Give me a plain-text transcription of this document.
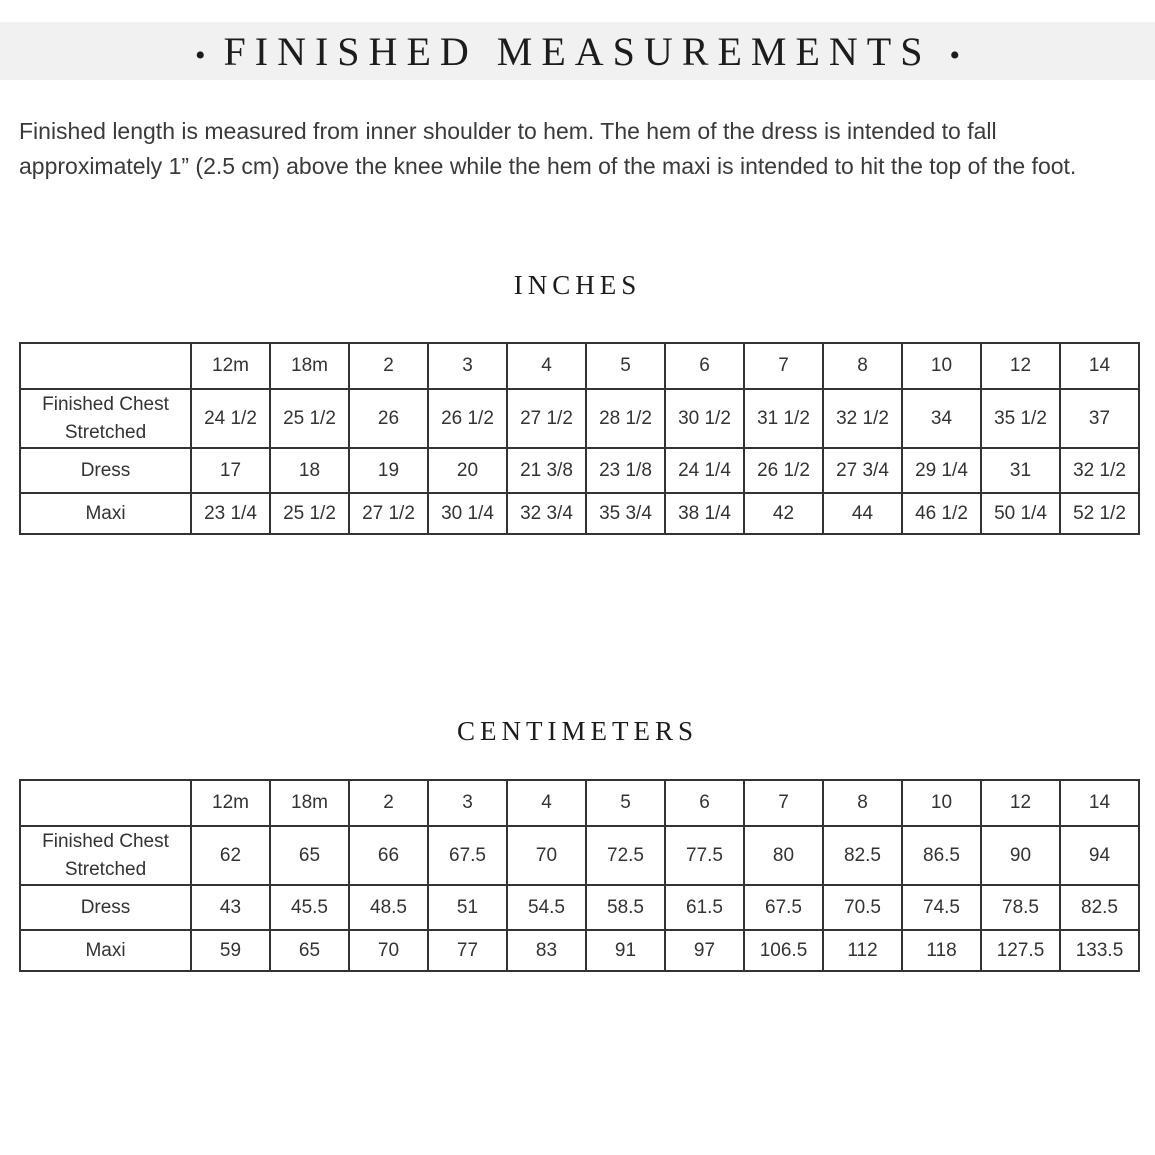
• FINISHED MEASUREMENTS •

Finished length is measured from inner shoulder to hem. The hem of the dress is intended to fall approximately 1” (2.5 cm) above the knee while the hem of the maxi is intended to hit the top of the foot.

INCHES
	12m	18m	2	3	4	5	6	7	8	10	12	14
Finished Chest
Stretched	24 1/2	25 1/2	26	26 1/2	27 1/2	28 1/2	30 1/2	31 1/2	32 1/2	34	35 1/2	37
Dress	17	18	19	20	21 3/8	23 1/8	24 1/4	26 1/2	27 3/4	29 1/4	31	32 1/2
Maxi	23 1/4	25 1/2	27 1/2	30 1/4	32 3/4	35 3/4	38 1/4	42	44	46 1/2	50 1/4	52 1/2
CENTIMETERS
	12m	18m	2	3	4	5	6	7	8	10	12	14
Finished Chest
Stretched	62	65	66	67.5	70	72.5	77.5	80	82.5	86.5	90	94
Dress	43	45.5	48.5	51	54.5	58.5	61.5	67.5	70.5	74.5	78.5	82.5
Maxi	59	65	70	77	83	91	97	106.5	112	118	127.5	133.5
